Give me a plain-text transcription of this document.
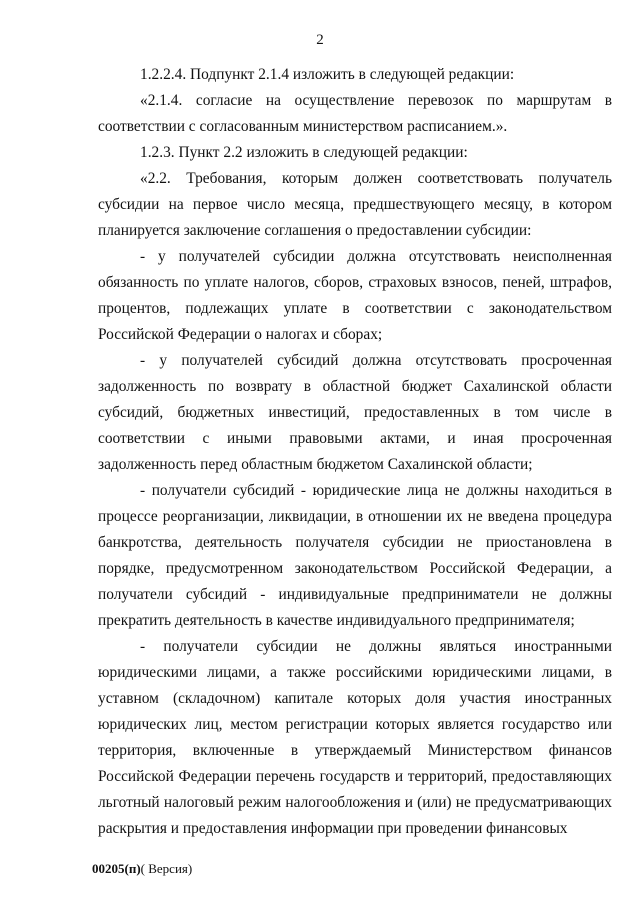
2

1.2.2.4. Подпункт 2.1.4 изложить в следующей редакции:

«2.1.4. согласие на осуществление перевозок по маршрутам в соответствии с согласованным министерством расписанием.».

1.2.3. Пункт 2.2 изложить в следующей редакции:

«2.2. Требования, которым должен соответствовать получатель субсидии на первое число месяца, предшествующего месяцу, в котором планируется заключение соглашения о предоставлении субсидии:

- у получателей субсидии должна отсутствовать неисполненная обязанность по уплате налогов, сборов, страховых взносов, пеней, штрафов, процентов, подлежащих уплате в соответствии с законодательством Российской Федерации о налогах и сборах;

- у получателей субсидий должна отсутствовать просроченная задолженность по возврату в областной бюджет Сахалинской области субсидий, бюджетных инвестиций, предоставленных в том числе в соответствии с иными правовыми актами, и иная просроченная задолженность перед областным бюджетом Сахалинской области;

- получатели субсидий - юридические лица не должны находиться в процессе реорганизации, ликвидации, в отношении их не введена процедура банкротства, деятельность получателя субсидии не приостановлена в порядке, предусмотренном законодательством Российской Федерации, а получатели субсидий - индивидуальные предприниматели не должны прекратить деятельность в качестве индивидуального предпринимателя;

- получатели субсидии не должны являться иностранными юридическими лицами, а также российскими юридическими лицами, в уставном (складочном) капитале которых доля участия иностранных юридических лиц, местом регистрации которых является государство или территория, включенные в утверждаемый Министерством финансов Российской Федерации перечень государств и территорий, предоставляющих льготный налоговый режим налогообложения и (или) не предусматривающих раскрытия и предоставления информации при проведении финансовых

00205(п)( Версия)
